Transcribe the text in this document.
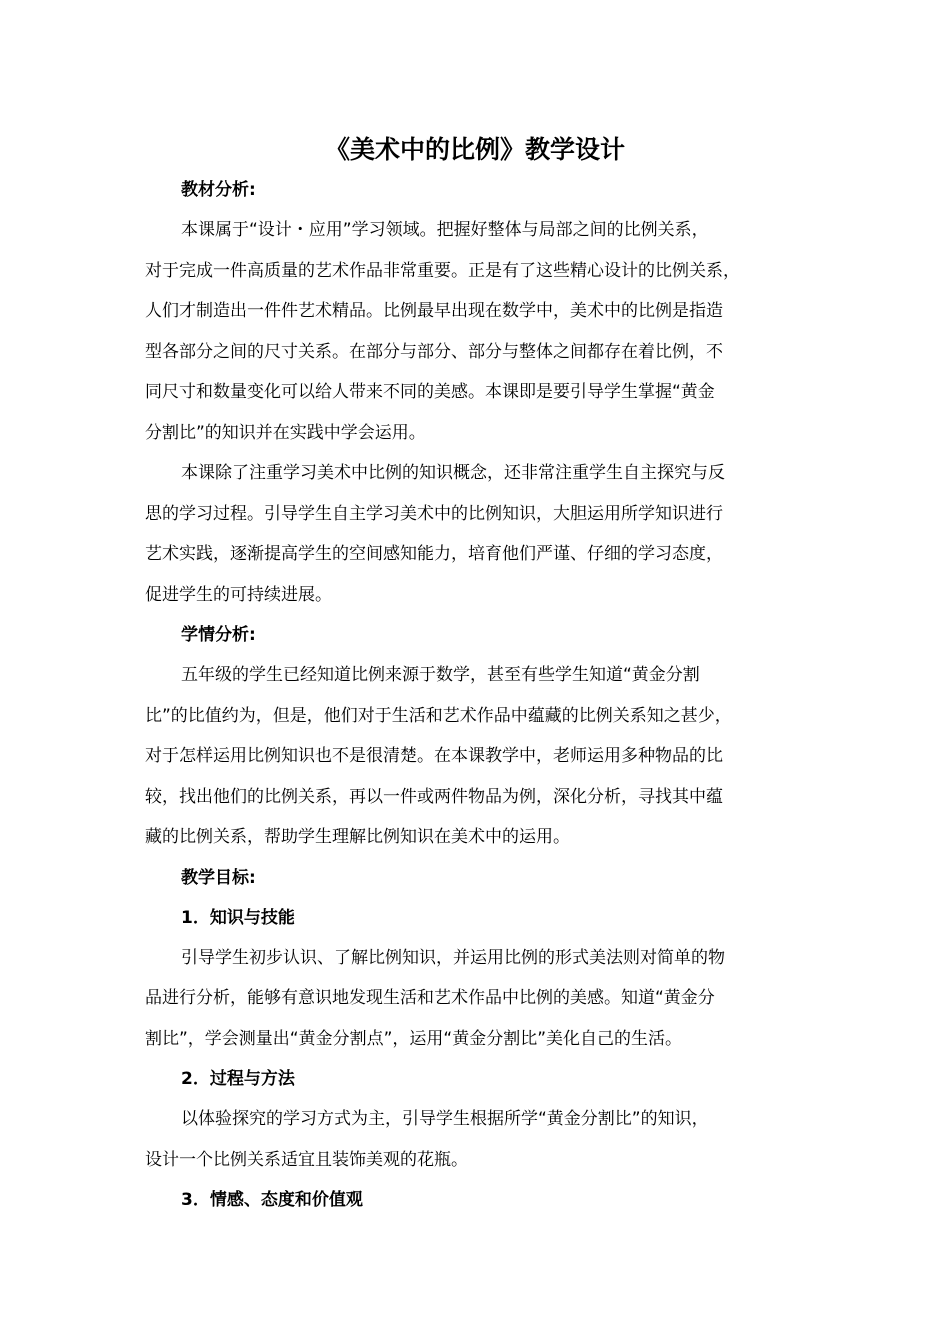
《美术中的比例》教学设计

教材分析:

本课属于“设计・应用”学习领域。把握好整体与局部之间的比例关系，
对于完成一件高质量的艺术作品非常重要。正是有了这些精心设计的比例关系，
人们才制造出一件件艺术精品。比例最早出现在数学中，美术中的比例是指造
型各部分之间的尺寸关系。在部分与部分、部分与整体之间都存在着比例，不
同尺寸和数量变化可以给人带来不同的美感。本课即是要引导学生掌握“黄金
分割比”的知识并在实践中学会运用。
本课除了注重学习美术中比例的知识概念，还非常注重学生自主探究与反
思的学习过程。引导学生自主学习美术中的比例知识，大胆运用所学知识进行
艺术实践，逐渐提高学生的空间感知能力，培育他们严谨、仔细的学习态度，
促进学生的可持续进展。

学情分析:

五年级的学生已经知道比例来源于数学，甚至有些学生知道“黄金分割
比”的比值约为，但是，他们对于生活和艺术作品中蕴藏的比例关系知之甚少，
对于怎样运用比例知识也不是很清楚。在本课教学中，老师运用多种物品的比
较，找出他们的比例关系，再以一件或两件物品为例，深化分析，寻找其中蕴
藏的比例关系，帮助学生理解比例知识在美术中的运用。

教学目标:

1．知识与技能

引导学生初步认识、了解比例知识，并运用比例的形式美法则对简单的物
品进行分析，能够有意识地发现生活和艺术作品中比例的美感。知道“黄金分
割比”，学会测量出“黄金分割点”，运用“黄金分割比”美化自己的生活。

2．过程与方法

以体验探究的学习方式为主，引导学生根据所学“黄金分割比”的知识，
设计一个比例关系适宜且装饰美观的花瓶。

3．情感、态度和价值观
